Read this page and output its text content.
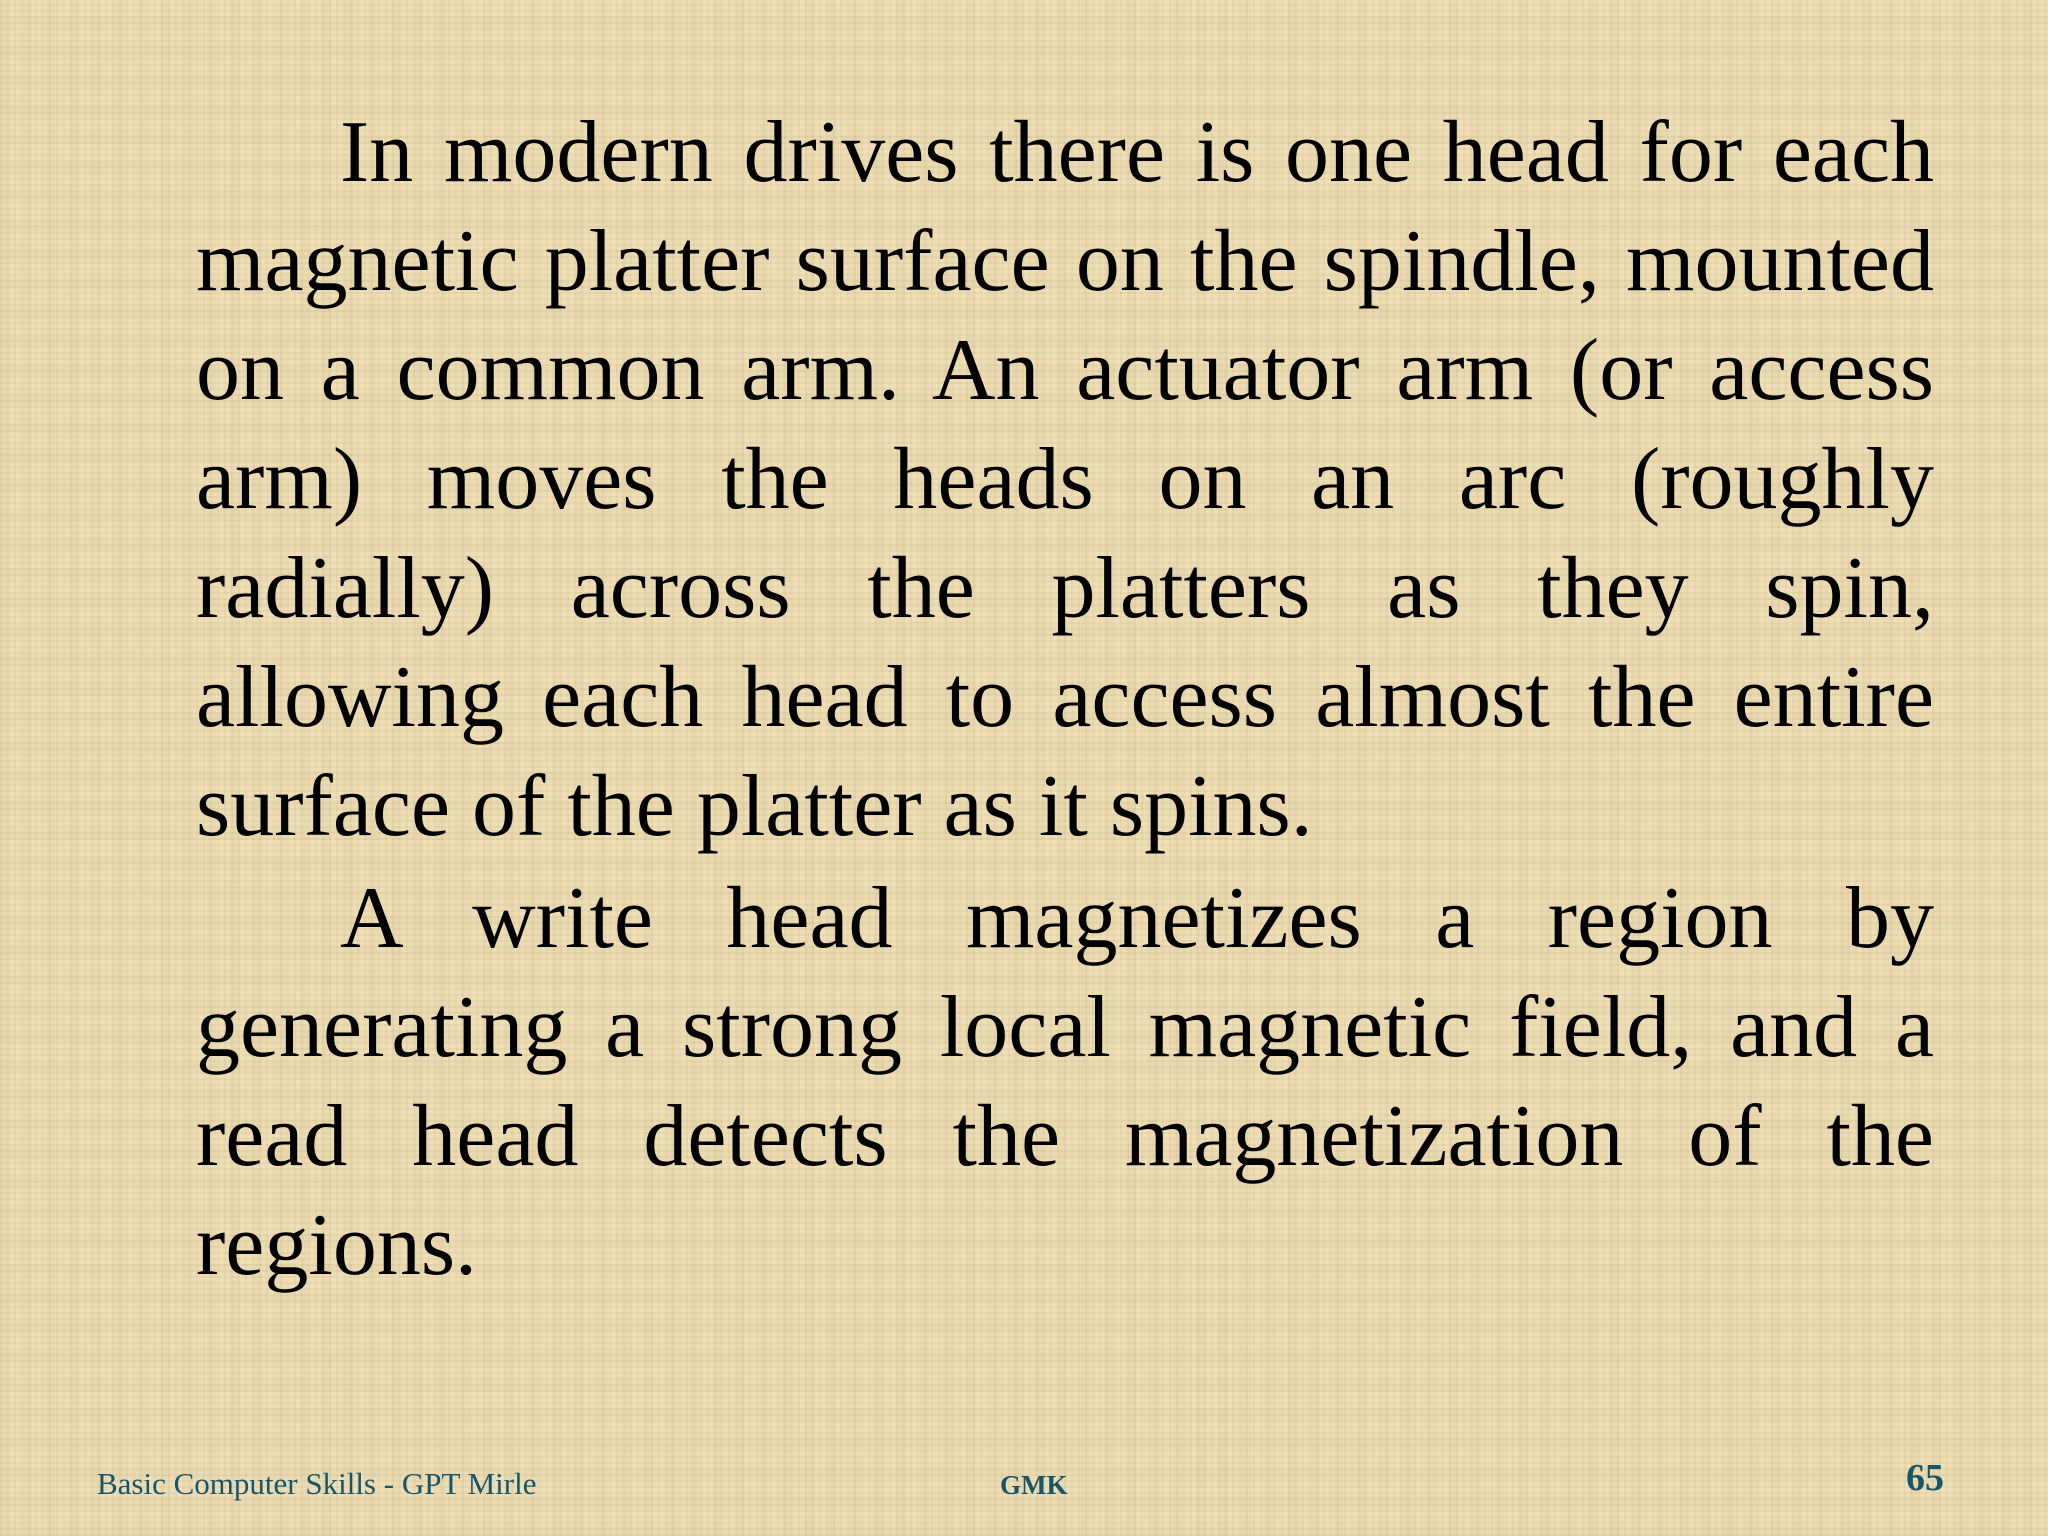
In modern drives there is one head for each magnetic platter surface on the spindle, mounted on a common arm. An actuator arm (or access arm) moves the heads on an arc (roughly radially) across the platters as they spin, allowing each head to access almost the entire surface of the platter as it spins.

A write head magnetizes a region by generating a strong local magnetic field, and a read head detects the magnetization of the regions.

Basic Computer Skills - GPT Mirle	GMK	65
